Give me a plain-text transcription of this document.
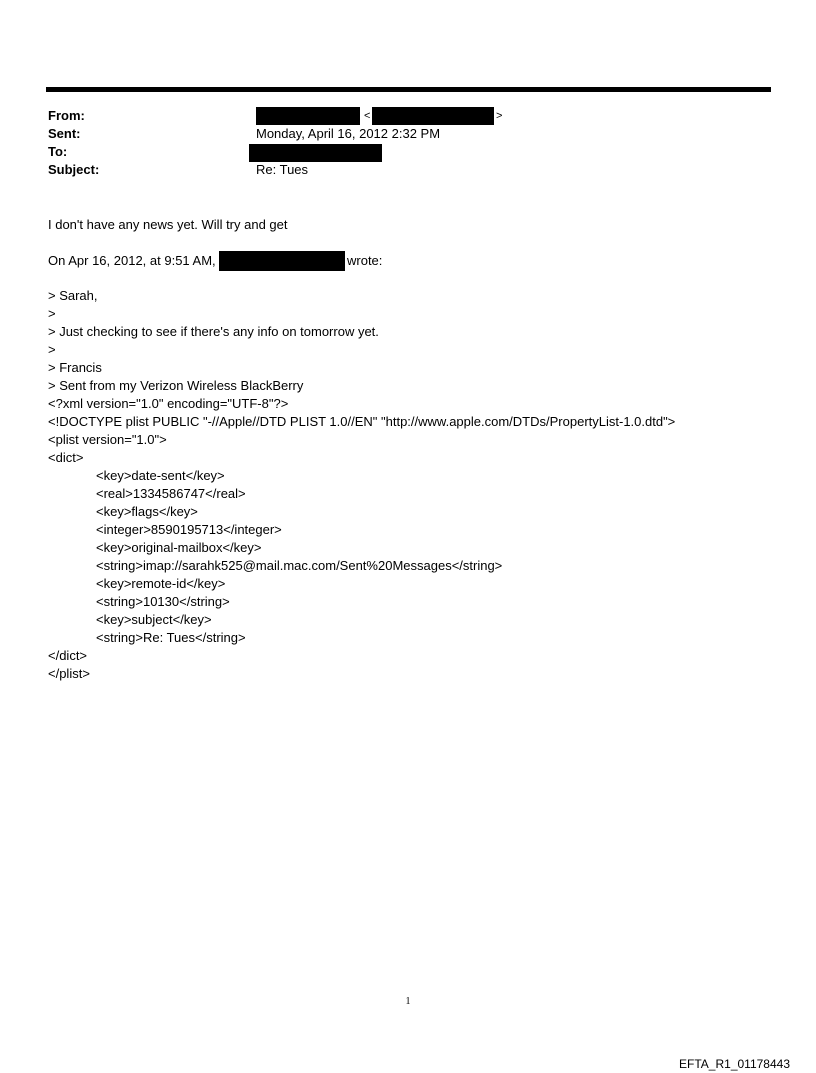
From:
Sent:
To:
Subject:
<	>
Monday, April 16, 2012 2:32 PM
Re: Tues
I don't have any news yet. Will try and get
On Apr 16, 2012, at 9:51 AM,	wrote:
> Sarah,
>
> Just checking to see if there's any info on tomorrow yet.
>
> Francis
> Sent from my Verizon Wireless BlackBerry
<?xml version="1.0" encoding="UTF-8"?>
<!DOCTYPE plist PUBLIC "-//Apple//DTD PLIST 1.0//EN" "http://www.apple.com/DTDs/PropertyList-1.0.dtd">
<plist version="1.0">
<dict>
<key>date-sent</key>
<real>1334586747</real>
<key>flags</key>
<integer>8590195713</integer>
<key>original-mailbox</key>
<string>imap://sarahk525@mail.mac.com/Sent%20Messages</string>
<key>remote-id</key>
<string>10130</string>
<key>subject</key>
<string>Re: Tues</string>
</dict>
</plist>
1
EFTA_R1_01178443
